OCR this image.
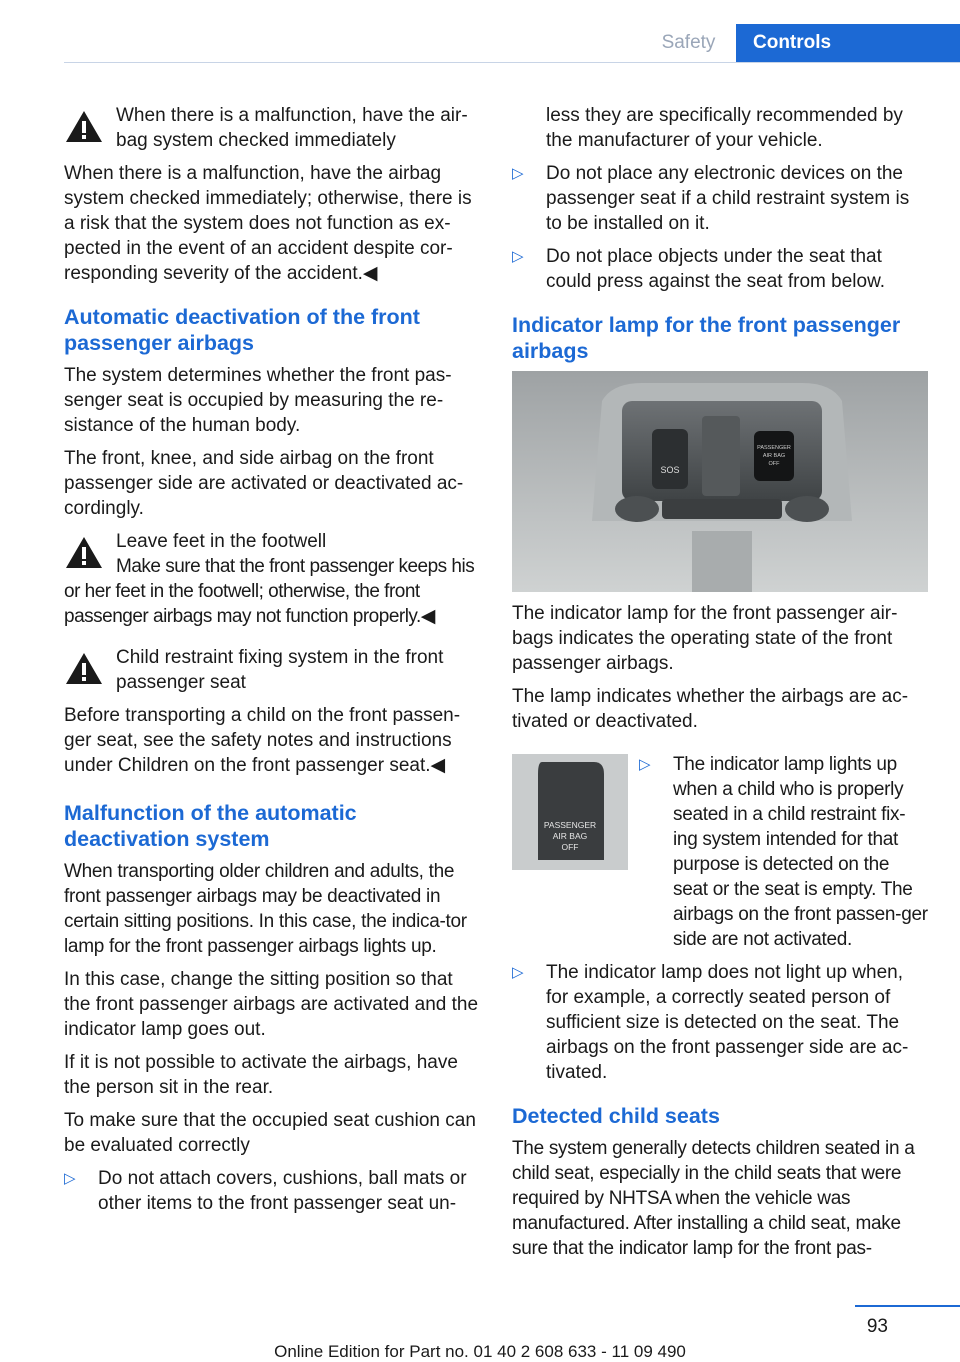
Safety	Controls
When there is a malfunction, have the air‐bag system checked immediately

When there is a malfunction, have the airbag system checked immediately; otherwise, there is a risk that the system does not function as ex‐pected in the event of an accident despite cor‐responding severity of the accident.◀

Automatic deactivation of the front passenger airbags

The system determines whether the front pas‐senger seat is occupied by measuring the re‐sistance of the human body.

The front, knee, and side airbag on the front passenger side are activated or deactivated ac‐cordingly.

Leave feet in the footwell
Make sure that the front passenger keeps his or her feet in the footwell; otherwise, the front passenger airbags may not function properly.◀
Child restraint fixing system in the front passenger seat

Before transporting a child on the front passen‐ger seat, see the safety notes and instructions under Children on the front passenger seat.◀

Malfunction of the automatic deactivation system

When transporting older children and adults, the front passenger airbags may be deactivated in certain sitting positions. In this case, the indica‐tor lamp for the front passenger airbags lights up.

In this case, change the sitting position so that the front passenger airbags are activated and the indicator lamp goes out.

If it is not possible to activate the airbags, have the person sit in the rear.

To make sure that the occupied seat cushion can be evaluated correctly

▷ Do not attach covers, cushions, ball mats or other items to the front passenger seat un‐

less they are specifically recommended by the manufacturer of your vehicle.

▷ Do not place any electronic devices on the passenger seat if a child restraint system is to be installed on it.
▷ Do not place objects under the seat that could press against the seat from below.
Indicator lamp for the front passenger airbags
SOS
PASSENGER
AIR BAG
OFF

The indicator lamp for the front passenger air‐bags indicates the operating state of the front passenger airbags.

The lamp indicates whether the airbags are ac‐tivated or deactivated.

PASSENGER
AIR BAG
OFF
▷ The indicator lamp lights up when a child who is properly seated in a child restraint fix‐ing system intended for that purpose is detected on the seat or the seat is empty. The airbags on the front passen‐ger side are not activated.
▷ The indicator lamp does not light up when, for example, a correctly seated person of sufficient size is detected on the seat. The airbags on the front passenger side are ac‐tivated.
Detected child seats

The system generally detects children seated in a child seat, especially in the child seats that were required by NHTSA when the vehicle was manufactured. After installing a child seat, make sure that the indicator lamp for the front pas‐

93
Online Edition for Part no. 01 40 2 608 633 - 11 09 490
